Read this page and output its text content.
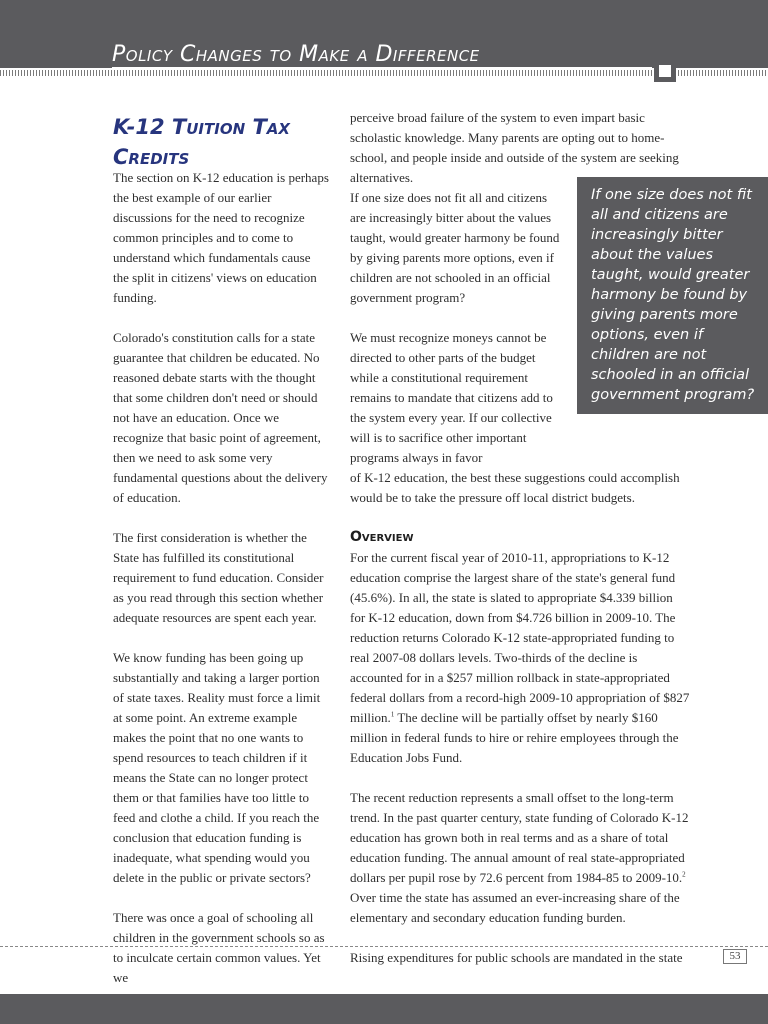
Policy Changes to Make a Difference
K-12 Tuition Tax Credits

The section on K-12 education is perhaps the best example of our earlier discussions for the need to recognize common principles and to come to understand which fundamentals cause the split in citizens' views on education funding.

Colorado's constitution calls for a state guarantee that children be educated. No reasoned debate starts with the thought that some children don't need or should not have an education. Once we recognize that basic point of agreement, then we need to ask some very fundamental questions about the delivery of education.

The first consideration is whether the State has fulfilled its constitutional requirement to fund education. Consider as you read through this section whether adequate resources are spent each year.

We know funding has been going up substantially and taking a larger portion of state taxes. Reality must force a limit at some point. An extreme example makes the point that no one wants to spend resources to teach children if it means the State can no longer protect them or that families have too little to feed and clothe a child. If you reach the conclusion that education funding is inadequate, what spending would you delete in the public or private sectors?

There was once a goal of schooling all children in the government schools so as to inculcate certain common values. Yet we

perceive broad failure of the system to even impart basic scholastic knowledge. Many parents are opting out to home-school, and people inside and outside of the system are seeking alternatives.

If one size does not fit all and citizens are increasingly bitter about the values taught, would greater harmony be found by giving parents more options, even if children are not schooled in an official government program?

We must recognize moneys cannot be directed to other parts of the budget while a constitutional requirement remains to mandate that citizens add to the system every year. If our collective will is to sacrifice other important programs always in favor

of K-12 education, the best these suggestions could accomplish would be to take the pressure off local district budgets.

Overview

For the current fiscal year of 2010-11, appropriations to K-12 education comprise the largest share of the state's general fund (45.6%). In all, the state is slated to appropriate $4.339 billion for K-12 education, down from $4.726 billion in 2009-10. The reduction returns Colorado K-12 state-appropriated funding to real 2007-08 dollars levels. Two-thirds of the decline is accounted for in a $257 million rollback in state-appropriated federal dollars from a record-high 2009-10 appropriation of $827 million.$^1$ The decline will be partially offset by nearly $160 million in federal funds to hire or rehire employees through the Education Jobs Fund.

The recent reduction represents a small offset to the long-term trend. In the past quarter century, state funding of Colorado K-12 education has grown both in real terms and as a share of total education funding. The annual amount of real state-appropriated dollars per pupil rose by 72.6 percent from 1984-85 to 2009-10.$^2$ Over time the state has assumed an ever-increasing share of the elementary and secondary education funding burden.

Rising expenditures for public schools are mandated in the state

If one size does not fit all and citizens are increasingly bitter about the values taught, would greater harmony be found by giving parents more options, even if children are not schooled in an official government program?
53
